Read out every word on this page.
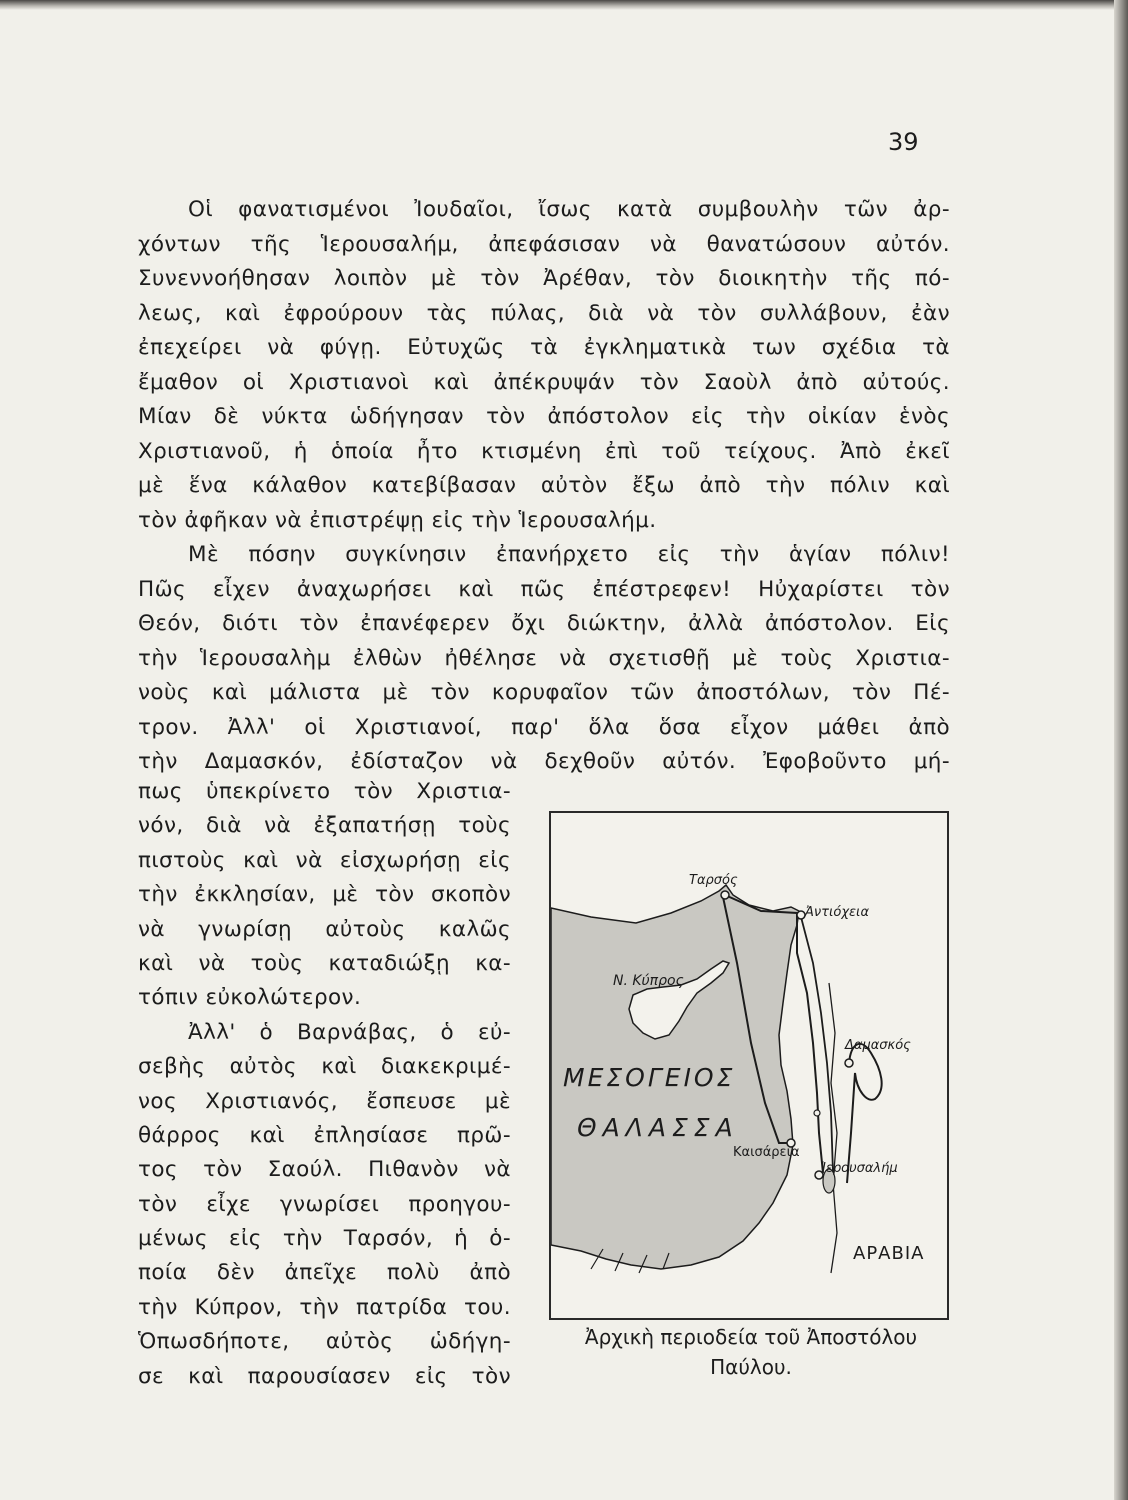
39
Οἱ φανατισμένοι Ἰουδαῖοι, ἴσως κατὰ συμβουλὴν τῶν ἀρ-
χόντων τῆς Ἱερουσαλήμ, ἀπεφάσισαν νὰ θανατώσουν αὐτόν.
Συνεννοήθησαν λοιπὸν μὲ τὸν Ἀρέθαν, τὸν διοικητὴν τῆς πό-
λεως, καὶ ἐφρούρουν τὰς πύλας, διὰ νὰ τὸν συλλάβουν, ἐὰν
ἐπεχείρει νὰ φύγῃ. Εὐτυχῶς τὰ ἐγκληματικὰ των σχέδια τὰ
ἔμαθον οἱ Χριστιανοὶ καὶ ἀπέκρυψάν τὸν Σαοὺλ ἀπὸ αὐτούς.
Μίαν δὲ νύκτα ὡδήγησαν τὸν ἀπόστολον εἰς τὴν οἰκίαν ἑνὸς
Χριστιανοῦ, ἡ ὁποία ἦτο κτισμένη ἐπὶ τοῦ τείχους. Ἀπὸ ἐκεῖ
μὲ ἕνα κάλαθον κατεβίβασαν αὐτὸν ἔξω ἀπὸ τὴν πόλιν καὶ
τὸν ἀφῆκαν νὰ ἐπιστρέψῃ εἰς τὴν Ἱερουσαλήμ.
Μὲ πόσην συγκίνησιν ἐπανήρχετο εἰς τὴν ἁγίαν πόλιν!
Πῶς εἶχεν ἀναχωρήσει καὶ πῶς ἐπέστρεφεν! Ηὐχαρίστει τὸν
Θεόν, διότι τὸν ἐπανέφερεν ὄχι διώκτην, ἀλλὰ ἀπόστολον. Εἰς
τὴν Ἱερουσαλὴμ ἐλθὼν ἠθέλησε νὰ σχετισθῇ μὲ τοὺς Χριστια-
νοὺς καὶ μάλιστα μὲ τὸν κορυφαῖον τῶν ἀποστόλων, τὸν Πέ-
τρον. Ἀλλ' οἱ Χριστιανοί, παρ' ὅλα ὅσα εἶχον μάθει ἀπὸ
τὴν Δαμασκόν, ἐδίσταζον νὰ δεχθοῦν αὐτόν. Ἐφοβοῦντο μή-
πως ὑπεκρίνετο τὸν Χριστια-
νόν, διὰ νὰ ἐξαπατήσῃ τοὺς
πιστοὺς καὶ νὰ εἰσχωρήσῃ εἰς
τὴν ἐκκλησίαν, μὲ τὸν σκοπὸν
νὰ γνωρίσῃ αὐτοὺς καλῶς
καὶ νὰ τοὺς καταδιώξῃ κα-
τόπιν εὐκολώτερον.
Ἀλλ' ὁ Βαρνάβας, ὁ εὐ-
σεβὴς αὐτὸς καὶ διακεκριμέ-
νος Χριστιανός, ἔσπευσε μὲ
θάρρος καὶ ἐπλησίασε πρῶ-
τος τὸν Σαούλ. Πιθανὸν νὰ
τὸν εἶχε γνωρίσει προηγου-
μένως εἰς τὴν Ταρσόν, ἡ ὁ-
ποία δὲν ἀπεῖχε πολὺ ἀπὸ
τὴν Κύπρον, τὴν πατρίδα του.
Ὁπωσδήποτε, αὐτὸς ὡδήγη-
σε καὶ παρουσίασεν εἰς τὸν
Ταρσός
Ἀντιόχεια
Ν. Κύπρος
Δαμασκός
ΜΕΣΟΓΕΙΟΣ
ΘΑΛΑΣΣΑ
Καισάρεια
Ἱερουσαλήμ
ΑΡΑΒΙΑ
Ἀρχικὴ περιοδεία τοῦ Ἀποστόλου
Παύλου.
